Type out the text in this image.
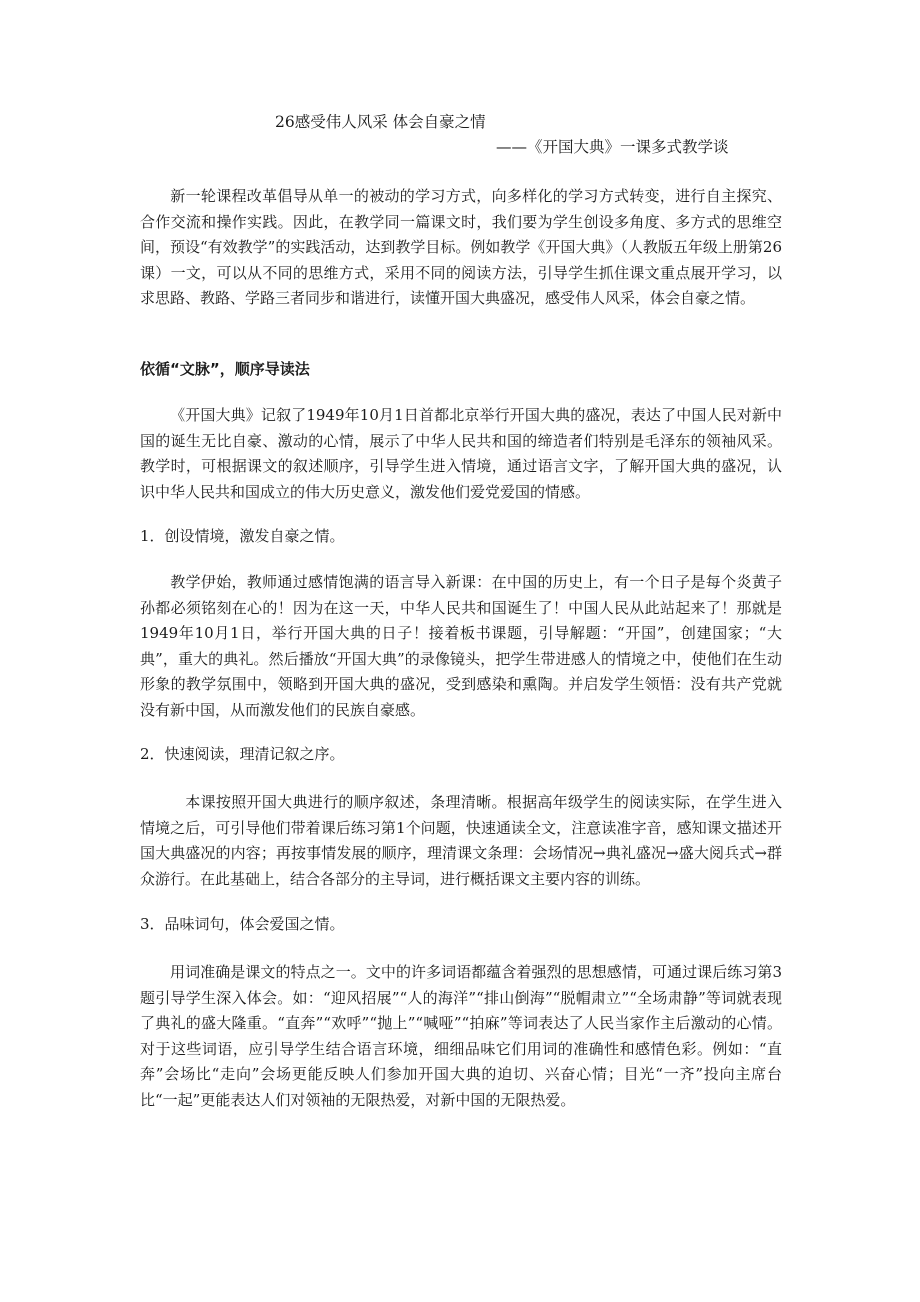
26感受伟人风采 体会自豪之情
——《开国大典》一课多式教学谈

新一轮课程改革倡导从单一的被动的学习方式，向多样化的学习方式转变，进行自主探究、合作交流和操作实践。因此，在教学同一篇课文时，我们要为学生创设多角度、多方式的思维空间，预设“有效教学”的实践活动，达到教学目标。例如教学《开国大典》（人教版五年级上册第26课）一文，可以从不同的思维方式，采用不同的阅读方法，引导学生抓住课文重点展开学习，以求思路、教路、学路三者同步和谐进行，读懂开国大典盛况，感受伟人风采，体会自豪之情。

依循“文脉”，顺序导读法

《开国大典》记叙了1949年10月1日首都北京举行开国大典的盛况，表达了中国人民对新中国的诞生无比自豪、激动的心情，展示了中华人民共和国的缔造者们特别是毛泽东的领袖风采。教学时，可根据课文的叙述顺序，引导学生进入情境，通过语言文字，了解开国大典的盛况，认识中华人民共和国成立的伟大历史意义，激发他们爱党爱国的情感。

1．创设情境，激发自豪之情。

教学伊始，教师通过感情饱满的语言导入新课：在中国的历史上，有一个日子是每个炎黄子孙都必须铭刻在心的！因为在这一天，中华人民共和国诞生了！中国人民从此站起来了！那就是1949年10月1日，举行开国大典的日子！接着板书课题，引导解题：“开国”，创建国家；“大典”，重大的典礼。然后播放“开国大典”的录像镜头，把学生带进感人的情境之中，使他们在生动形象的教学氛围中，领略到开国大典的盛况，受到感染和熏陶。并启发学生领悟：没有共产党就没有新中国，从而激发他们的民族自豪感。

2．快速阅读，理清记叙之序。

本课按照开国大典进行的顺序叙述，条理清晰。根据高年级学生的阅读实际，在学生进入情境之后，可引导他们带着课后练习第1个问题，快速通读全文，注意读准字音，感知课文描述开国大典盛况的内容；再按事情发展的顺序，理清课文条理：会场情况→典礼盛况→盛大阅兵式→群众游行。在此基础上，结合各部分的主导词，进行概括课文主要内容的训练。

3．品味词句，体会爱国之情。

用词准确是课文的特点之一。文中的许多词语都蕴含着强烈的思想感情，可通过课后练习第3题引导学生深入体会。如：“迎风招展”“人的海洋”“排山倒海”“脱帽肃立”“全场肃静”等词就表现了典礼的盛大隆重。“直奔”“欢呼”“抛上”“喊哑”“拍麻”等词表达了人民当家作主后激动的心情。对于这些词语，应引导学生结合语言环境，细细品味它们用词的准确性和感情色彩。例如：“直奔”会场比“走向”会场更能反映人们参加开国大典的迫切、兴奋心情；目光“一齐”投向主席台比“一起”更能表达人们对领袖的无限热爱，对新中国的无限热爱。
